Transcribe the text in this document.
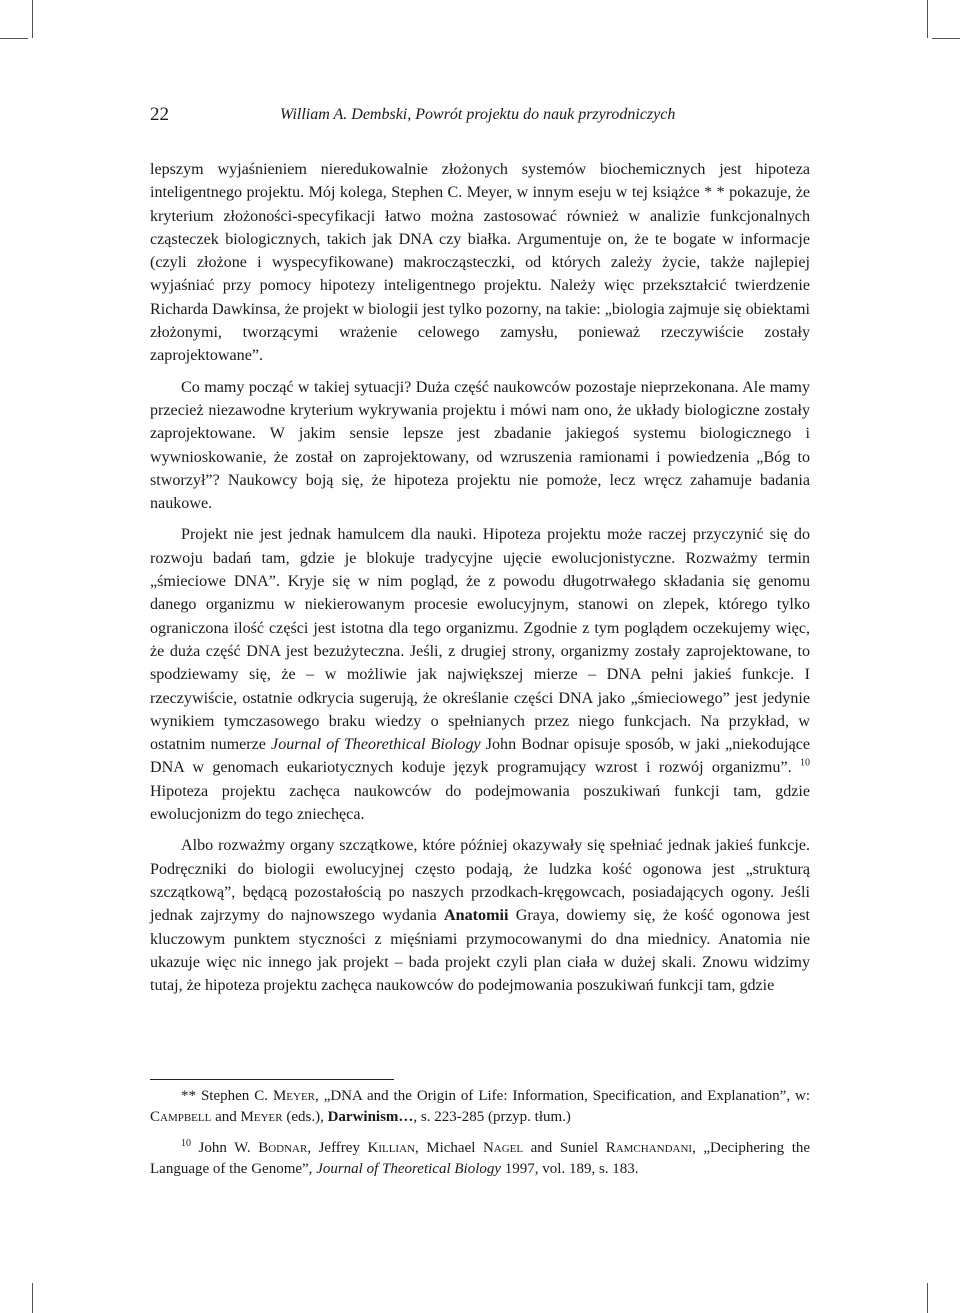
22	William A. Dembski, Powrót projektu do nauk przyrodniczych

lepszym wyjaśnieniem nieredukowalnie złożonych systemów biochemicznych jest hipoteza inteligentnego projektu. Mój kolega, Stephen C. Meyer, w innym eseju w tej książce * * pokazuje, że kryterium złożoności-specyfikacji łatwo można zastosować również w analizie funkcjonalnych cząsteczek biologicznych, takich jak DNA czy białka. Argumentuje on, że te bogate w informacje (czyli złożone i wyspecyfikowane) makrocząsteczki, od których zależy życie, także najlepiej wyjaśniać przy pomocy hipotezy inteligentnego projektu. Należy więc przekształcić twierdzenie Richarda Dawkinsa, że projekt w biologii jest tylko pozorny, na takie: „biologia zajmuje się obiektami złożonymi, tworzącymi wrażenie celowego zamysłu, ponieważ rzeczywiście zostały zaprojektowane”.

Co mamy począć w takiej sytuacji? Duża część naukowców pozostaje nieprzekonana. Ale mamy przecież niezawodne kryterium wykrywania projektu i mówi nam ono, że układy biologiczne zostały zaprojektowane. W jakim sensie lepsze jest zbadanie jakiegoś systemu biologicznego i wywnioskowanie, że został on zaprojektowany, od wzruszenia ramionami i powiedzenia „Bóg to stworzył”? Naukowcy boją się, że hipoteza projektu nie pomoże, lecz wręcz zahamuje badania naukowe.

Projekt nie jest jednak hamulcem dla nauki. Hipoteza projektu może raczej przyczynić się do rozwoju badań tam, gdzie je blokuje tradycyjne ujęcie ewolucjonistyczne. Rozważmy termin „śmieciowe DNA”. Kryje się w nim pogląd, że z powodu długotrwałego składania się genomu danego organizmu w niekierowanym procesie ewolucyjnym, stanowi on zlepek, którego tylko ograniczona ilość części jest istotna dla tego organizmu. Zgodnie z tym poglądem oczekujemy więc, że duża część DNA jest bezużyteczna. Jeśli, z drugiej strony, organizmy zostały zaprojektowane, to spodziewamy się, że – w możliwie jak największej mierze – DNA pełni jakieś funkcje. I rzeczywiście, ostatnie odkrycia sugerują, że określanie części DNA jako „śmieciowego” jest jedynie wynikiem tymczasowego braku wiedzy o spełnianych przez niego funkcjach. Na przykład, w ostatnim numerze Journal of Theorethical Biology John Bodnar opisuje sposób, w jaki „niekodujące DNA w genomach eukariotycznych koduje język programujący wzrost i rozwój organizmu”. $^{10}$ Hipoteza projektu zachęca naukowców do podejmowania poszukiwań funkcji tam, gdzie ewolucjonizm do tego zniechęca.

Albo rozważmy organy szczątkowe, które później okazywały się spełniać jednak jakieś funkcje. Podręczniki do biologii ewolucyjnej często podają, że ludzka kość ogonowa jest „strukturą szczątkową”, będącą pozostałością po naszych przodkach-kręgowcach, posiadających ogony. Jeśli jednak zajrzymy do najnowszego wydania Anatomii Graya, dowiemy się, że kość ogonowa jest kluczowym punktem styczności z mięśniami przymocowanymi do dna miednicy. Anatomia nie ukazuje więc nic innego jak projekt – bada projekt czyli plan ciała w dużej skali. Znowu widzimy tutaj, że hipoteza projektu zachęca naukowców do podejmowania poszukiwań funkcji tam, gdzie

** Stephen C. Meyer, „DNA and the Origin of Life: Information, Specification, and Explanation”, w: Campbell and Meyer (eds.), Darwinism…, s. 223-285 (przyp. tłum.)

$^{10}$ John W. Bodnar, Jeffrey Killian, Michael Nagel and Suniel Ramchandani, „Deciphering the Language of the Genome”, Journal of Theoretical Biology 1997, vol. 189, s. 183.
